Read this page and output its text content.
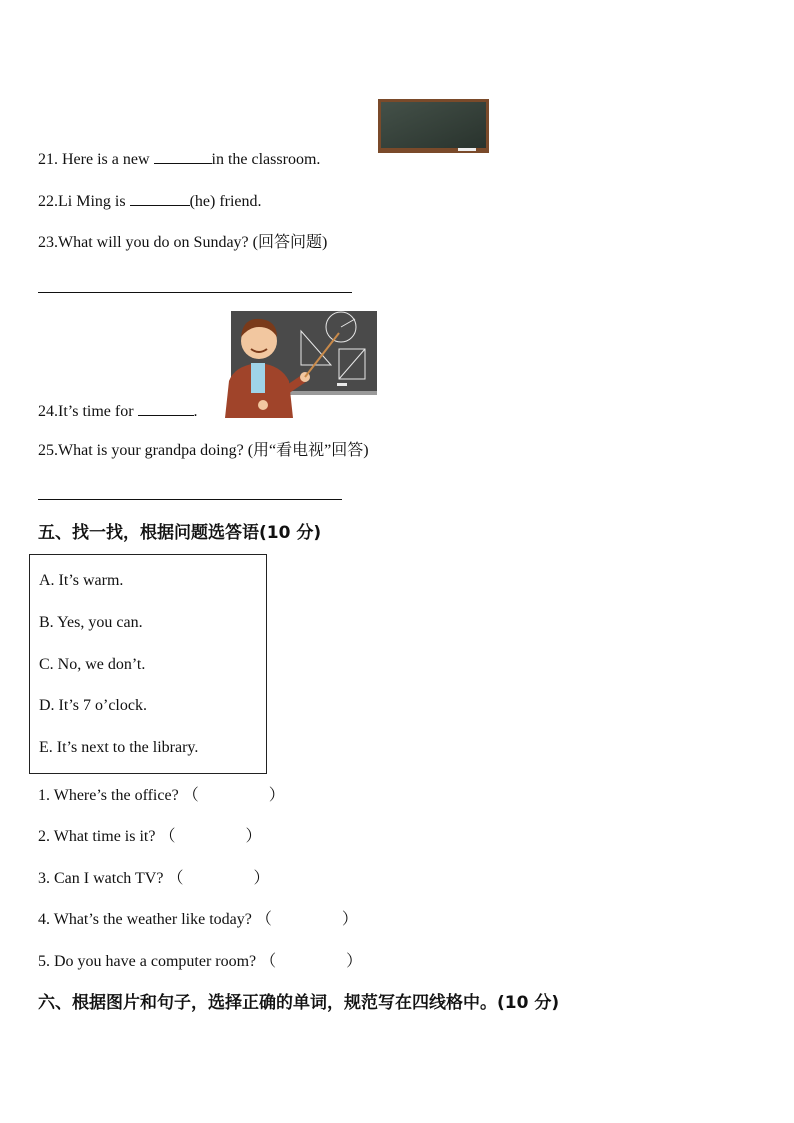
21. Here is a new	in the classroom.
22.Li Ming is	(he) friend.
23.What will you do on Sunday? (回答问题)
24.It’s time for	.
25.What is your grandpa doing? (用“看电视”回答)
五、找一找，根据问题选答语(10 分)
A. It’s warm.
B. Yes, you can.
C. No, we don’t.
D. It’s 7 o’clock.
E. It’s next to the library.
1. Where’s the office? （	）
2. What time is it? （	）
3. Can I watch TV? （	）
4. What’s the weather like today? （	）
5. Do you have a computer room? （	）
六、根据图片和句子，选择正确的单词，规范写在四线格中。(10 分)
